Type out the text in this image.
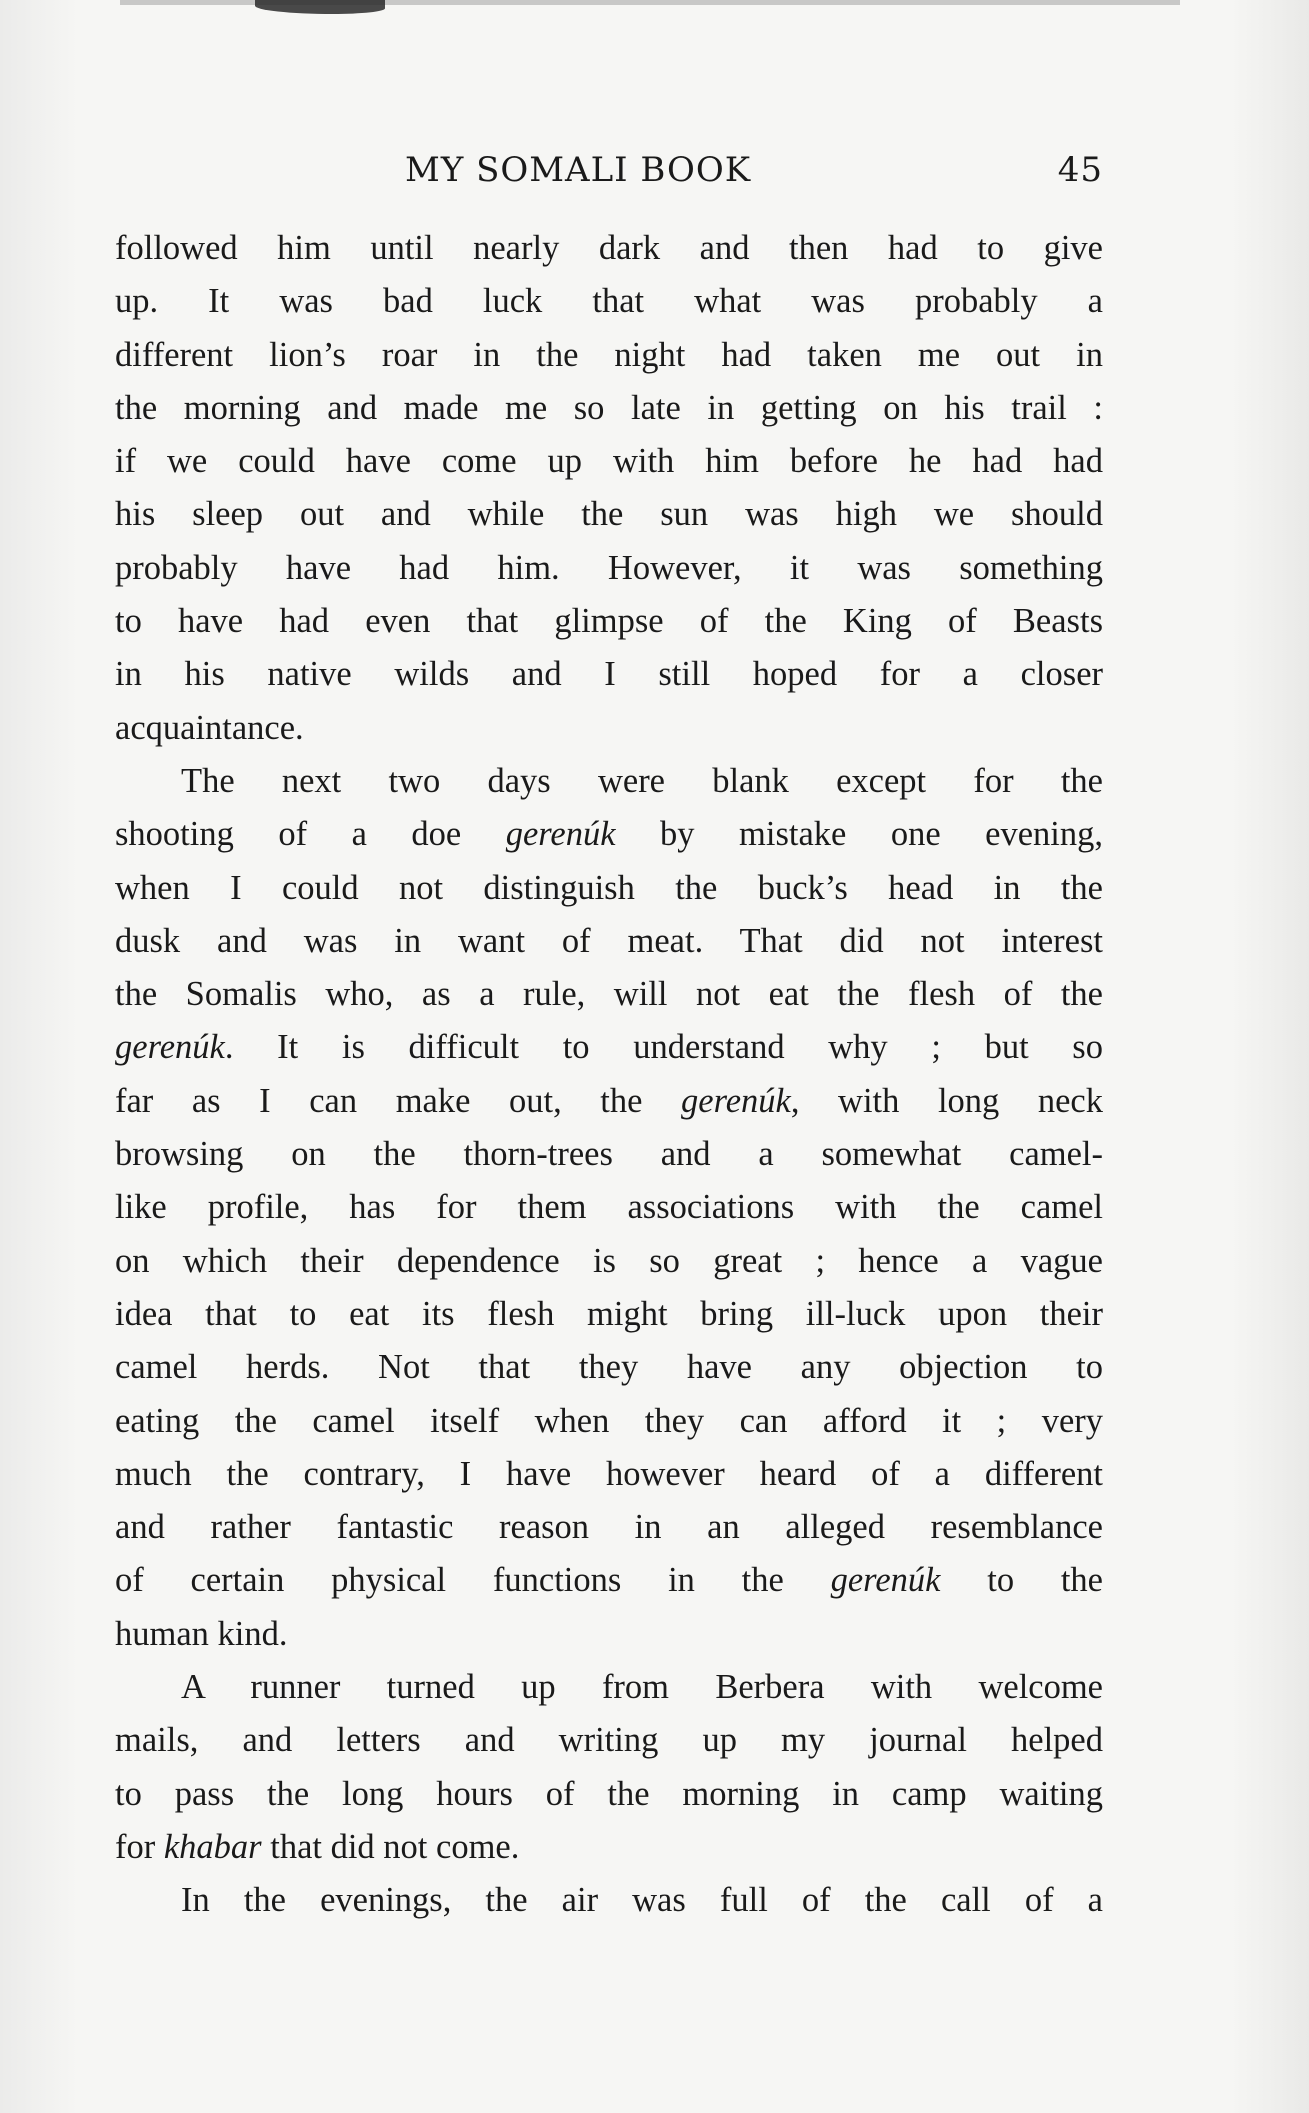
MY SOMALI BOOK	45
followed him until nearly dark and then had to give
up. It was bad luck that what was probably a
different lion’s roar in the night had taken me out in
the morning and made me so late in getting on his trail :
if we could have come up with him before he had had
his sleep out and while the sun was high we should
probably have had him. However, it was something
to have had even that glimpse of the King of Beasts
in his native wilds and I still hoped for a closer
acquaintance.
The next two days were blank except for the
shooting of a doe gerenúk by mistake one evening,
when I could not distinguish the buck’s head in the
dusk and was in want of meat. That did not interest
the Somalis who, as a rule, will not eat the flesh of the
gerenúk. It is difficult to understand why ; but so
far as I can make out, the gerenúk, with long neck
browsing on the thorn-trees and a somewhat camel-
like profile, has for them associations with the camel
on which their dependence is so great ; hence a vague
idea that to eat its flesh might bring ill-luck upon their
camel herds. Not that they have any objection to
eating the camel itself when they can afford it ; very
much the contrary, I have however heard of a different
and rather fantastic reason in an alleged resemblance
of certain physical functions in the gerenúk to the
human kind.
A runner turned up from Berbera with welcome
mails, and letters and writing up my journal helped
to pass the long hours of the morning in camp waiting
for khabar that did not come.
In the evenings, the air was full of the call of a
